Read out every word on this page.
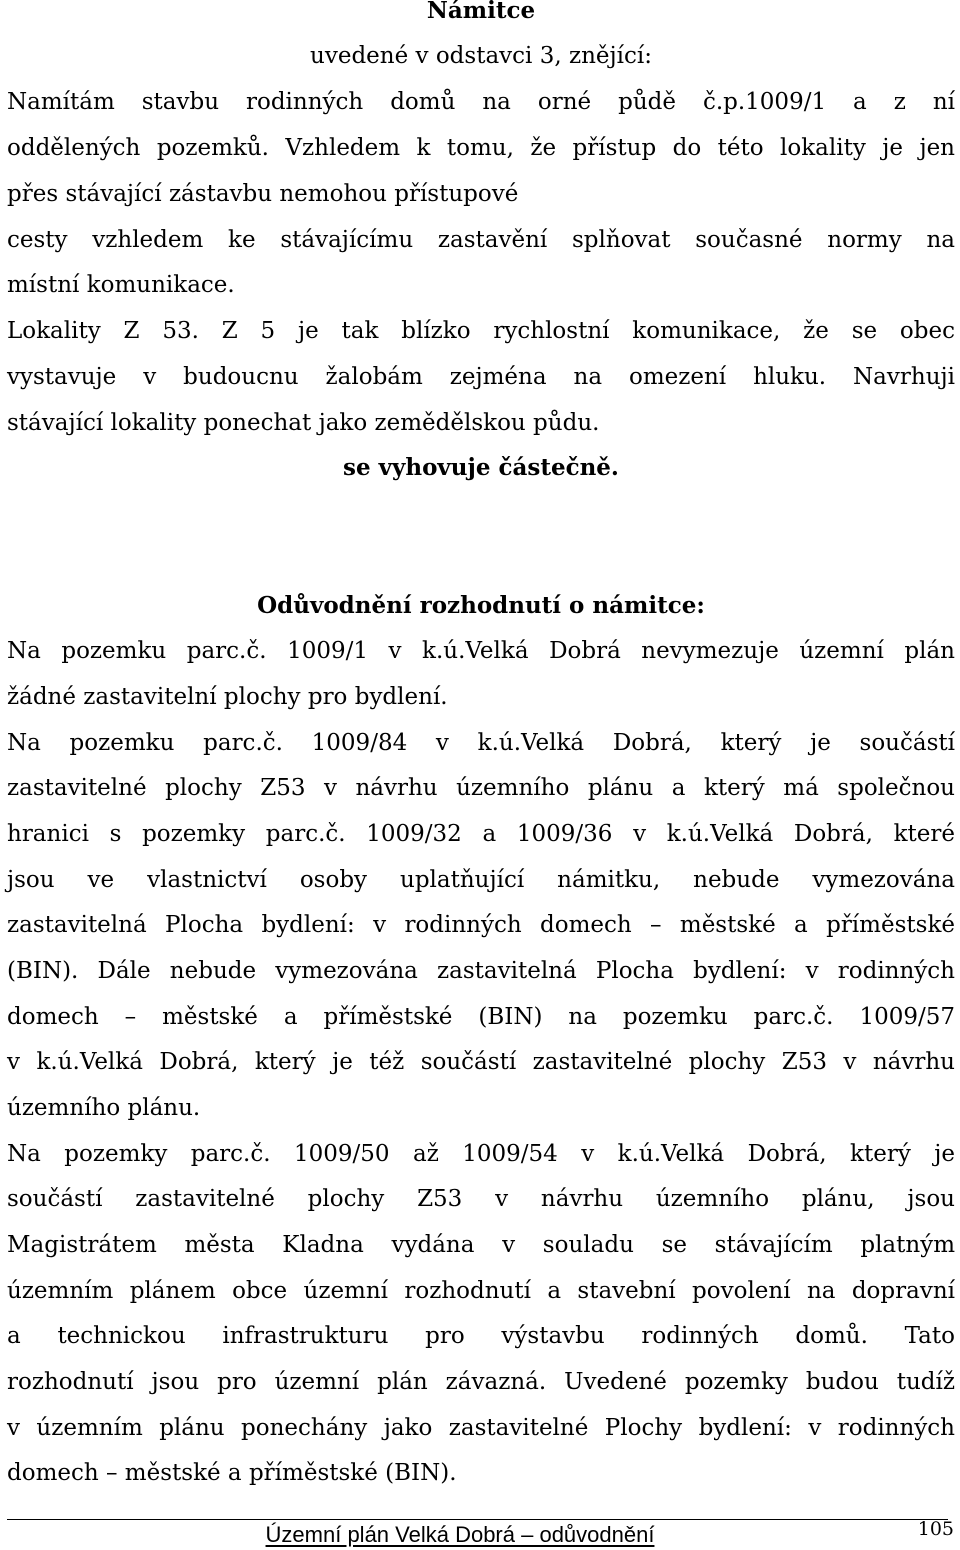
Námitce
uvedené v odstavci 3, znějící:
Namítám stavbu rodinných domů na orné půdě č.p.1009/1 a z ní
oddělených pozemků. Vzhledem k tomu, že přístup do této lokality je jen
přes stávající zástavbu nemohou přístupové
cesty vzhledem ke stávajícímu zastavění splňovat současné normy na
místní komunikace.
Lokality Z 53. Z 5 je tak blízko rychlostní komunikace, že se obec
vystavuje v budoucnu žalobám zejména na omezení hluku. Navrhuji
stávající lokality ponechat jako zemědělskou půdu.
se vyhovuje částečně.
Odůvodnění rozhodnutí o námitce:
Na pozemku parc.č. 1009/1 v k.ú.Velká Dobrá nevymezuje územní plán
žádné zastavitelní plochy pro bydlení.
Na pozemku parc.č. 1009/84 v k.ú.Velká Dobrá, který je součástí
zastavitelné plochy Z53 v návrhu územního plánu a který má společnou
hranici s pozemky parc.č. 1009/32 a 1009/36 v k.ú.Velká Dobrá, které
jsou ve vlastnictví osoby uplatňující námitku, nebude vymezována
zastavitelná Plocha bydlení: v rodinných domech – městské a příměstské
(BIN). Dále nebude vymezována zastavitelná Plocha bydlení: v rodinných
domech – městské a příměstské (BIN) na pozemku parc.č. 1009/57
v k.ú.Velká Dobrá, který je též součástí zastavitelné plochy Z53 v návrhu
územního plánu.
Na pozemky parc.č. 1009/50 až 1009/54 v k.ú.Velká Dobrá, který je
součástí zastavitelné plochy Z53 v návrhu územního plánu, jsou
Magistrátem města Kladna vydána v souladu se stávajícím platným
územním plánem obce územní rozhodnutí a stavební povolení na dopravní
a technickou infrastrukturu pro výstavbu rodinných domů. Tato
rozhodnutí jsou pro územní plán závazná. Uvedené pozemky budou tudíž
v územním plánu ponechány jako zastavitelné Plochy bydlení: v rodinných
domech – městské a příměstské (BIN).
Územní plán Velká Dobrá – odůvodnění	105
